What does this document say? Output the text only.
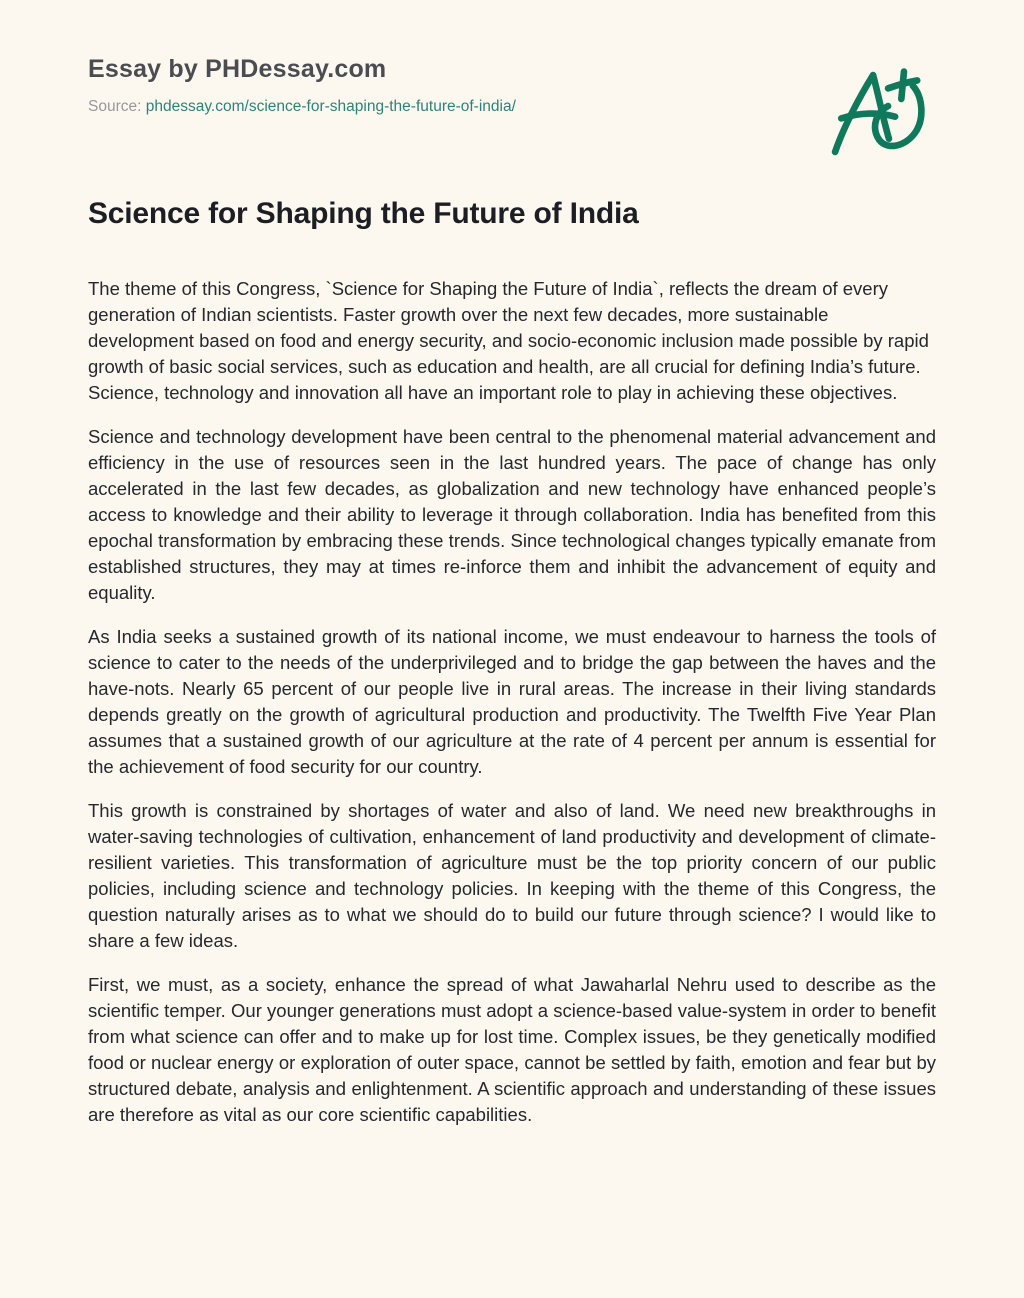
Essay by PHDessay.com
Source: phdessay.com/science-for-shaping-the-future-of-india/
Science for Shaping the Future of India

The theme of this Congress, `Science for Shaping the Future of India`, reflects the dream of every generation of Indian scientists. Faster growth over the next few decades, more sustainable development based on food and energy security, and socio-economic inclusion made possible by rapid growth of basic social services, such as education and health, are all crucial for defining India’s future. Science, technology and innovation all have an important role to play in achieving these objectives.

Science and technology development have been central to the phenomenal material advancement and efficiency in the use of resources seen in the last hundred years. The pace of change has only accelerated in the last few decades, as globalization and new technology have enhanced people’s access to knowledge and their ability to leverage it through collaboration. India has benefited from this epochal transformation by embracing these trends. Since technological changes typically emanate from established structures, they may at times re-inforce them and inhibit the advancement of equity and equality.

As India seeks a sustained growth of its national income, we must endeavour to harness the tools of science to cater to the needs of the underprivileged and to bridge the gap between the haves and the have-nots. Nearly 65 percent of our people live in rural areas. The increase in their living standards depends greatly on the growth of agricultural production and productivity. The Twelfth Five Year Plan assumes that a sustained growth of our agriculture at the rate of 4 percent per annum is essential for the achievement of food security for our country.

This growth is constrained by shortages of water and also of land. We need new breakthroughs in water-saving technologies of cultivation, enhancement of land productivity and development of climate-resilient varieties. This transformation of agriculture must be the top priority concern of our public policies, including science and technology policies. In keeping with the theme of this Congress, the question naturally arises as to what we should do to build our future through science? I would like to share a few ideas.

First, we must, as a society, enhance the spread of what Jawaharlal Nehru used to describe as the scientific temper. Our younger generations must adopt a science-based value-system in order to benefit from what science can offer and to make up for lost time. Complex issues, be they genetically modified food or nuclear energy or exploration of outer space, cannot be settled by faith, emotion and fear but by structured debate, analysis and enlightenment. A scientific approach and understanding of these issues are therefore as vital as our core scientific capabilities.
